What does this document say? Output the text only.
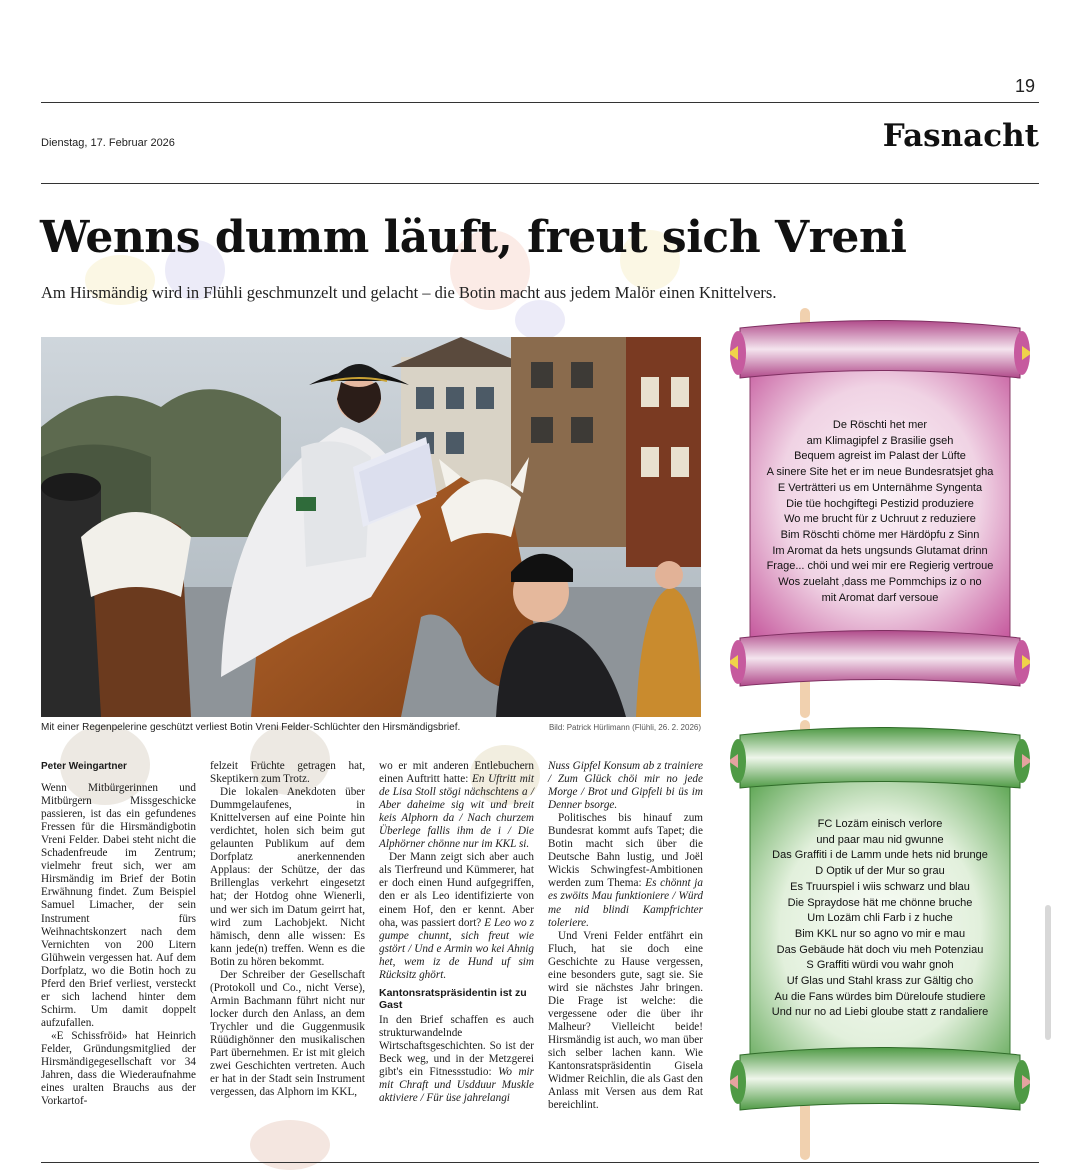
19
Dienstag, 17. Februar 2026	Fasnacht
Wenns dumm läuft, freut sich Vreni
Am Hirsmändig wird in Flühli geschmunzelt und gelacht – die Botin macht aus jedem Malör einen Knittelvers.
Mit einer Regenpelerine geschützt verliest Botin Vreni Felder-Schlüchter den Hirsmändigsbrief.	Bild: Patrick Hürlimann (Flühli, 26. 2. 2026)

Peter Weingartner

Wenn Mitbürgerinnen und Mitbürgern Missgeschicke passieren, ist das ein gefundenes Fressen für die Hirsmändigbotin Vreni Felder. Dabei steht nicht die Schadenfreude im Zentrum; vielmehr freut sich, wer am Hirsmändig im Brief der Botin Erwähnung findet. Zum Beispiel Samuel Limacher, der sein Instrument fürs Weihnachtskonzert nach dem Vernichten von 200 Litern Glühwein vergessen hat. Auf dem Dorfplatz, wo die Botin hoch zu Pferd den Brief verliest, versteckt er sich lachend hinter dem Schirm. Um damit doppelt aufzufallen.

«E Schissfröid» hat Heinrich Felder, Gründungsmitglied der Hirsmändigegesellschaft vor 34 Jahren, dass die Wiederaufnahme eines uralten Brauchs aus der Vorkartof-

felzeit Früchte getragen hat, Skeptikern zum Trotz.

Die lokalen Anekdoten über Dummgelaufenes, in Knittelversen auf eine Pointe hin verdichtet, holen sich beim gut gelaunten Publikum auf dem Dorfplatz anerkennenden Applaus: der Schütze, der das Brillenglas verkehrt eingesetzt hat; der Hotdog ohne Wienerli, und wer sich im Datum geirrt hat, wird zum Lachobjekt. Nicht hämisch, denn alle wissen: Es kann jede(n) treffen. Wenn es die Botin zu hören bekommt.

Der Schreiber der Gesellschaft (Protokoll und Co., nicht Verse), Armin Bachmann führt nicht nur locker durch den Anlass, an dem Trychler und die Guggenmusik Rüüdighönner den musikalischen Part übernehmen. Er ist mit gleich zwei Geschichten vertreten. Auch er hat in der Stadt sein Instrument vergessen, das Alphorn im KKL,

wo er mit anderen Entlebuchern einen Auftritt hatte: En Uftritt mit de Lisa Stoll stögi nächschtens a / Aber daheime sig wit und breit keis Alphorn da / Nach churzem Überlege fallis ihm de i / Die Alphörner chönne nur im KKL si.

Der Mann zeigt sich aber auch als Tierfreund und Kümmerer, hat er doch einen Hund aufgegriffen, den er als Leo identifizierte von einem Hof, den er kennt. Aber oha, was passiert dort? E Leo wo z gumpe chunnt, sich freut wie gstört / Und e Armin wo kei Ahnig het, wem iz de Hund uf sim Rücksitz ghört.

Kantonsratspräsidentin ist zu Gast

In den Brief schaffen es auch strukturwandelnde Wirtschaftsgeschichten. So ist der Beck weg, und in der Metzgerei gibt's ein Fitnessstudio: Wo mir mit Chraft und Usdduur Muskle aktiviere / Für üse jahrelangi

Nuss Gipfel Konsum ab z trainiere / Zum Glück chöi mir no jede Morge / Brot und Gipfeli bi üs im Denner bsorge.

Politisches bis hinauf zum Bundesrat kommt aufs Tapet; die Botin macht sich über die Deutsche Bahn lustig, und Joël Wickis Schwingfest-Ambitionen werden zum Thema: Es chönnt ja es zwöits Mau funktioniere / Würd me nid blindi Kampfrichter toleriere.

Und Vreni Felder entfährt ein Fluch, hat sie doch eine Geschichte zu Hause vergessen, eine besonders gute, sagt sie. Sie wird sie nächstes Jahr bringen. Die Frage ist welche: die vergessene oder die über ihr Malheur? Vielleicht beide! Hirsmändig ist auch, wo man über sich selber lachen kann. Wie Kantonsratspräsidentin Gisela Widmer Reichlin, die als Gast den Anlass mit Versen aus dem Rat bereichlint.

De Röschti het mer
am Klimagipfel z Brasilie gseh
Bequem agreist im Palast der Lüfte
A sinere Site het er im neue Bundesratsjet gha
E Verträtteri us em Unternähme Syngenta
Die tüe hochgiftegi Pestizid produziere
Wo me brucht für z Uchruut z reduziere
Bim Röschti chöme mer Härdöpfu z Sinn
Im Aromat da hets ungsunds Glutamat drinn
Frage... chöi und wei mir ere Regierig vertroue
Wos zuelaht ‚dass me Pommchips iz o no
mit Aromat darf versoue
FC Lozäm einisch verlore
und paar mau nid gwunne
Das Graffiti i de Lamm unde hets nid brunge
D Optik uf der Mur so grau
Es Truurspiel i wiis schwarz und blau
Die Spraydose hät me chönne bruche
Um Lozäm chli Farb i z huche
Bim KKL nur so agno vo mir e mau
Das Gebäude hät doch viu meh Potenziau
S Graffiti würdi vou wahr gnoh
Uf Glas und Stahl krass zur Gältig cho
Au die Fans würdes bim Düreloufe studiere
Und nur no ad Liebi gloube statt z randaliere
